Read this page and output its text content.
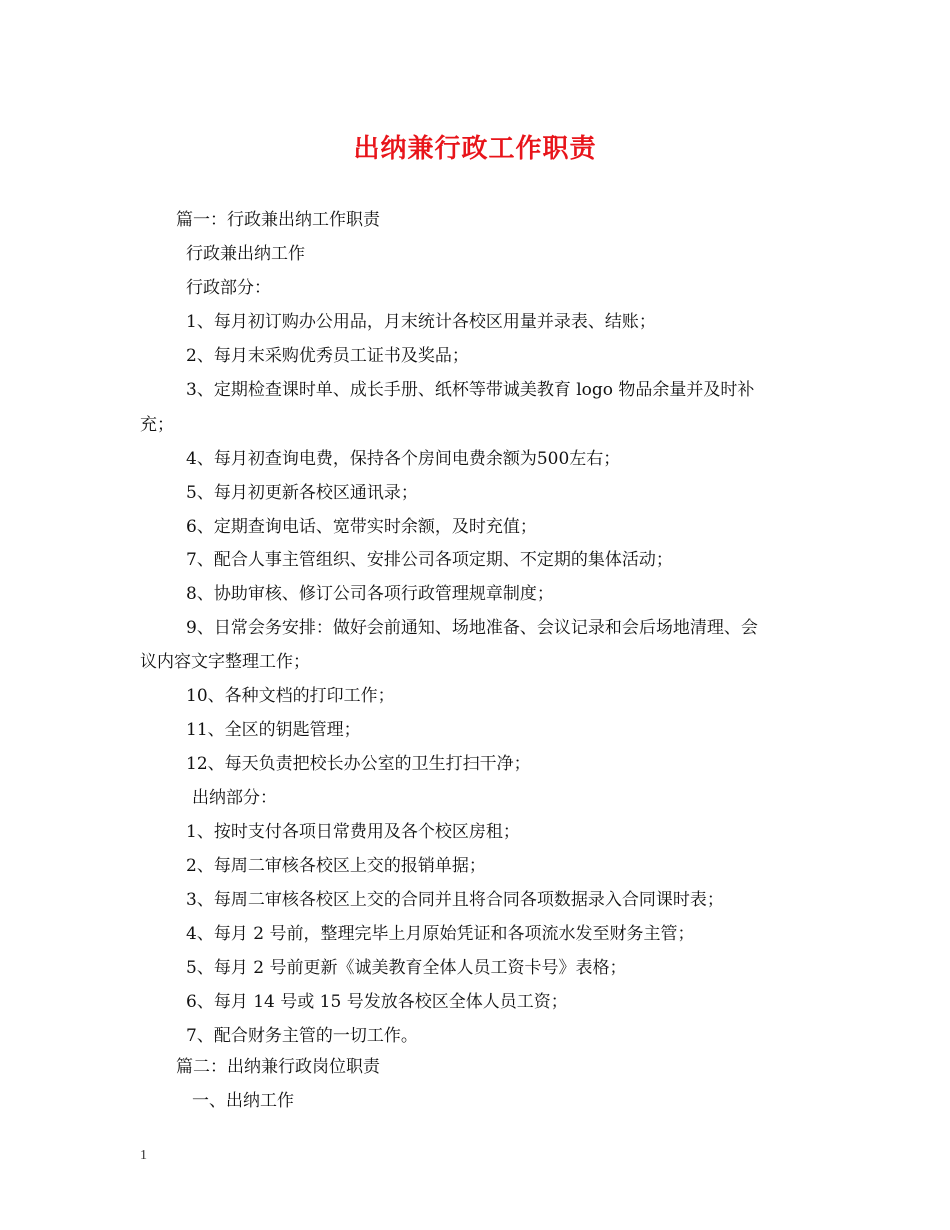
出纳兼行政工作职责
篇一：行政兼出纳工作职责
行政兼出纳工作
行政部分：
1、每月初订购办公用品，月末统计各校区用量并录表、结账；
2、每月末采购优秀员工证书及奖品；
3、定期检查课时单、成长手册、纸杯等带诚美教育 logo 物品余量并及时补
充；
4、每月初查询电费，保持各个房间电费余额为500左右；
5、每月初更新各校区通讯录；
6、定期查询电话、宽带实时余额，及时充值；
7、配合人事主管组织、安排公司各项定期、不定期的集体活动；
8、协助审核、修订公司各项行政管理规章制度；
9、日常会务安排：做好会前通知、场地准备、会议记录和会后场地清理、会
议内容文字整理工作；
10、各种文档的打印工作；
11、全区的钥匙管理；
12、每天负责把校长办公室的卫生打扫干净；
出纳部分：
1、按时支付各项日常费用及各个校区房租；
2、每周二审核各校区上交的报销单据；
3、每周二审核各校区上交的合同并且将合同各项数据录入合同课时表；
4、每月 2 号前，整理完毕上月原始凭证和各项流水发至财务主管；
5、每月 2 号前更新《诚美教育全体人员工资卡号》表格；
6、每月 14 号或 15 号发放各校区全体人员工资；
7、配合财务主管的一切工作。
篇二：出纳兼行政岗位职责
一、出纳工作
1
